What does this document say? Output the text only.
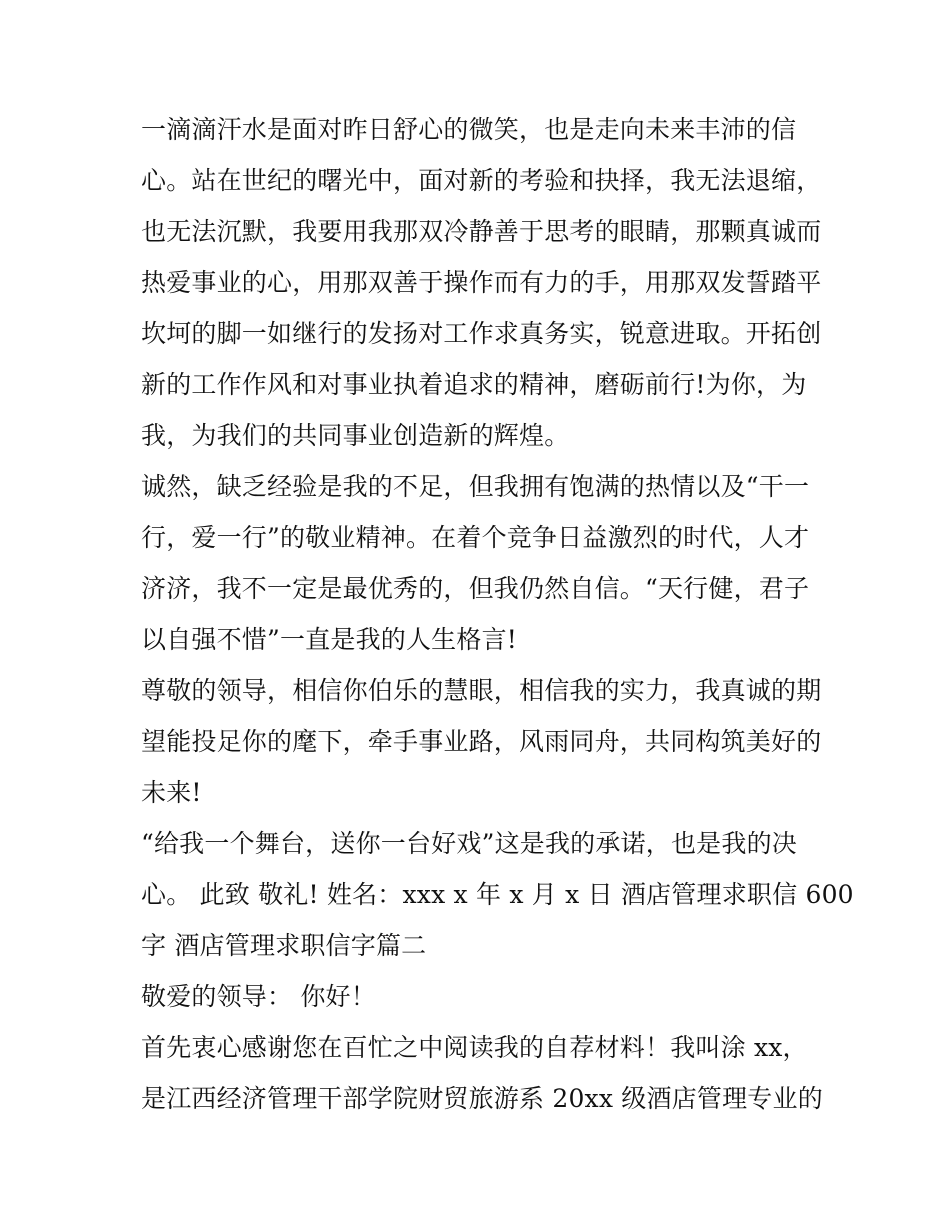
一滴滴汗水是面对昨日舒心的微笑，也是走向未来丰沛的信
心。站在世纪的曙光中，面对新的考验和抉择，我无法退缩，
也无法沉默，我要用我那双冷静善于思考的眼睛，那颗真诚而
热爱事业的心，用那双善于操作而有力的手，用那双发誓踏平
坎坷的脚一如继行的发扬对工作求真务实，锐意进取。开拓创
新的工作作风和对事业执着追求的精神，磨砺前行!为你，为
我，为我们的共同事业创造新的辉煌。
诚然，缺乏经验是我的不足，但我拥有饱满的热情以及“干一
行，爱一行”的敬业精神。在着个竞争日益激烈的时代，人才
济济，我不一定是最优秀的，但我仍然自信。“天行健，君子
以自强不惜”一直是我的人生格言!
尊敬的领导，相信你伯乐的慧眼，相信我的实力，我真诚的期
望能投足你的麾下，牵手事业路，风雨同舟，共同构筑美好的
未来!
“给我一个舞台，送你一台好戏”这是我的承诺，也是我的决
心。 此致 敬礼! 姓名：xxx x 年 x 月 x 日 酒店管理求职信 600
字 酒店管理求职信字篇二
敬爱的领导： 你好！
首先衷心感谢您在百忙之中阅读我的自荐材料！我叫涂 xx，
是江西经济管理干部学院财贸旅游系 20xx 级酒店管理专业的
